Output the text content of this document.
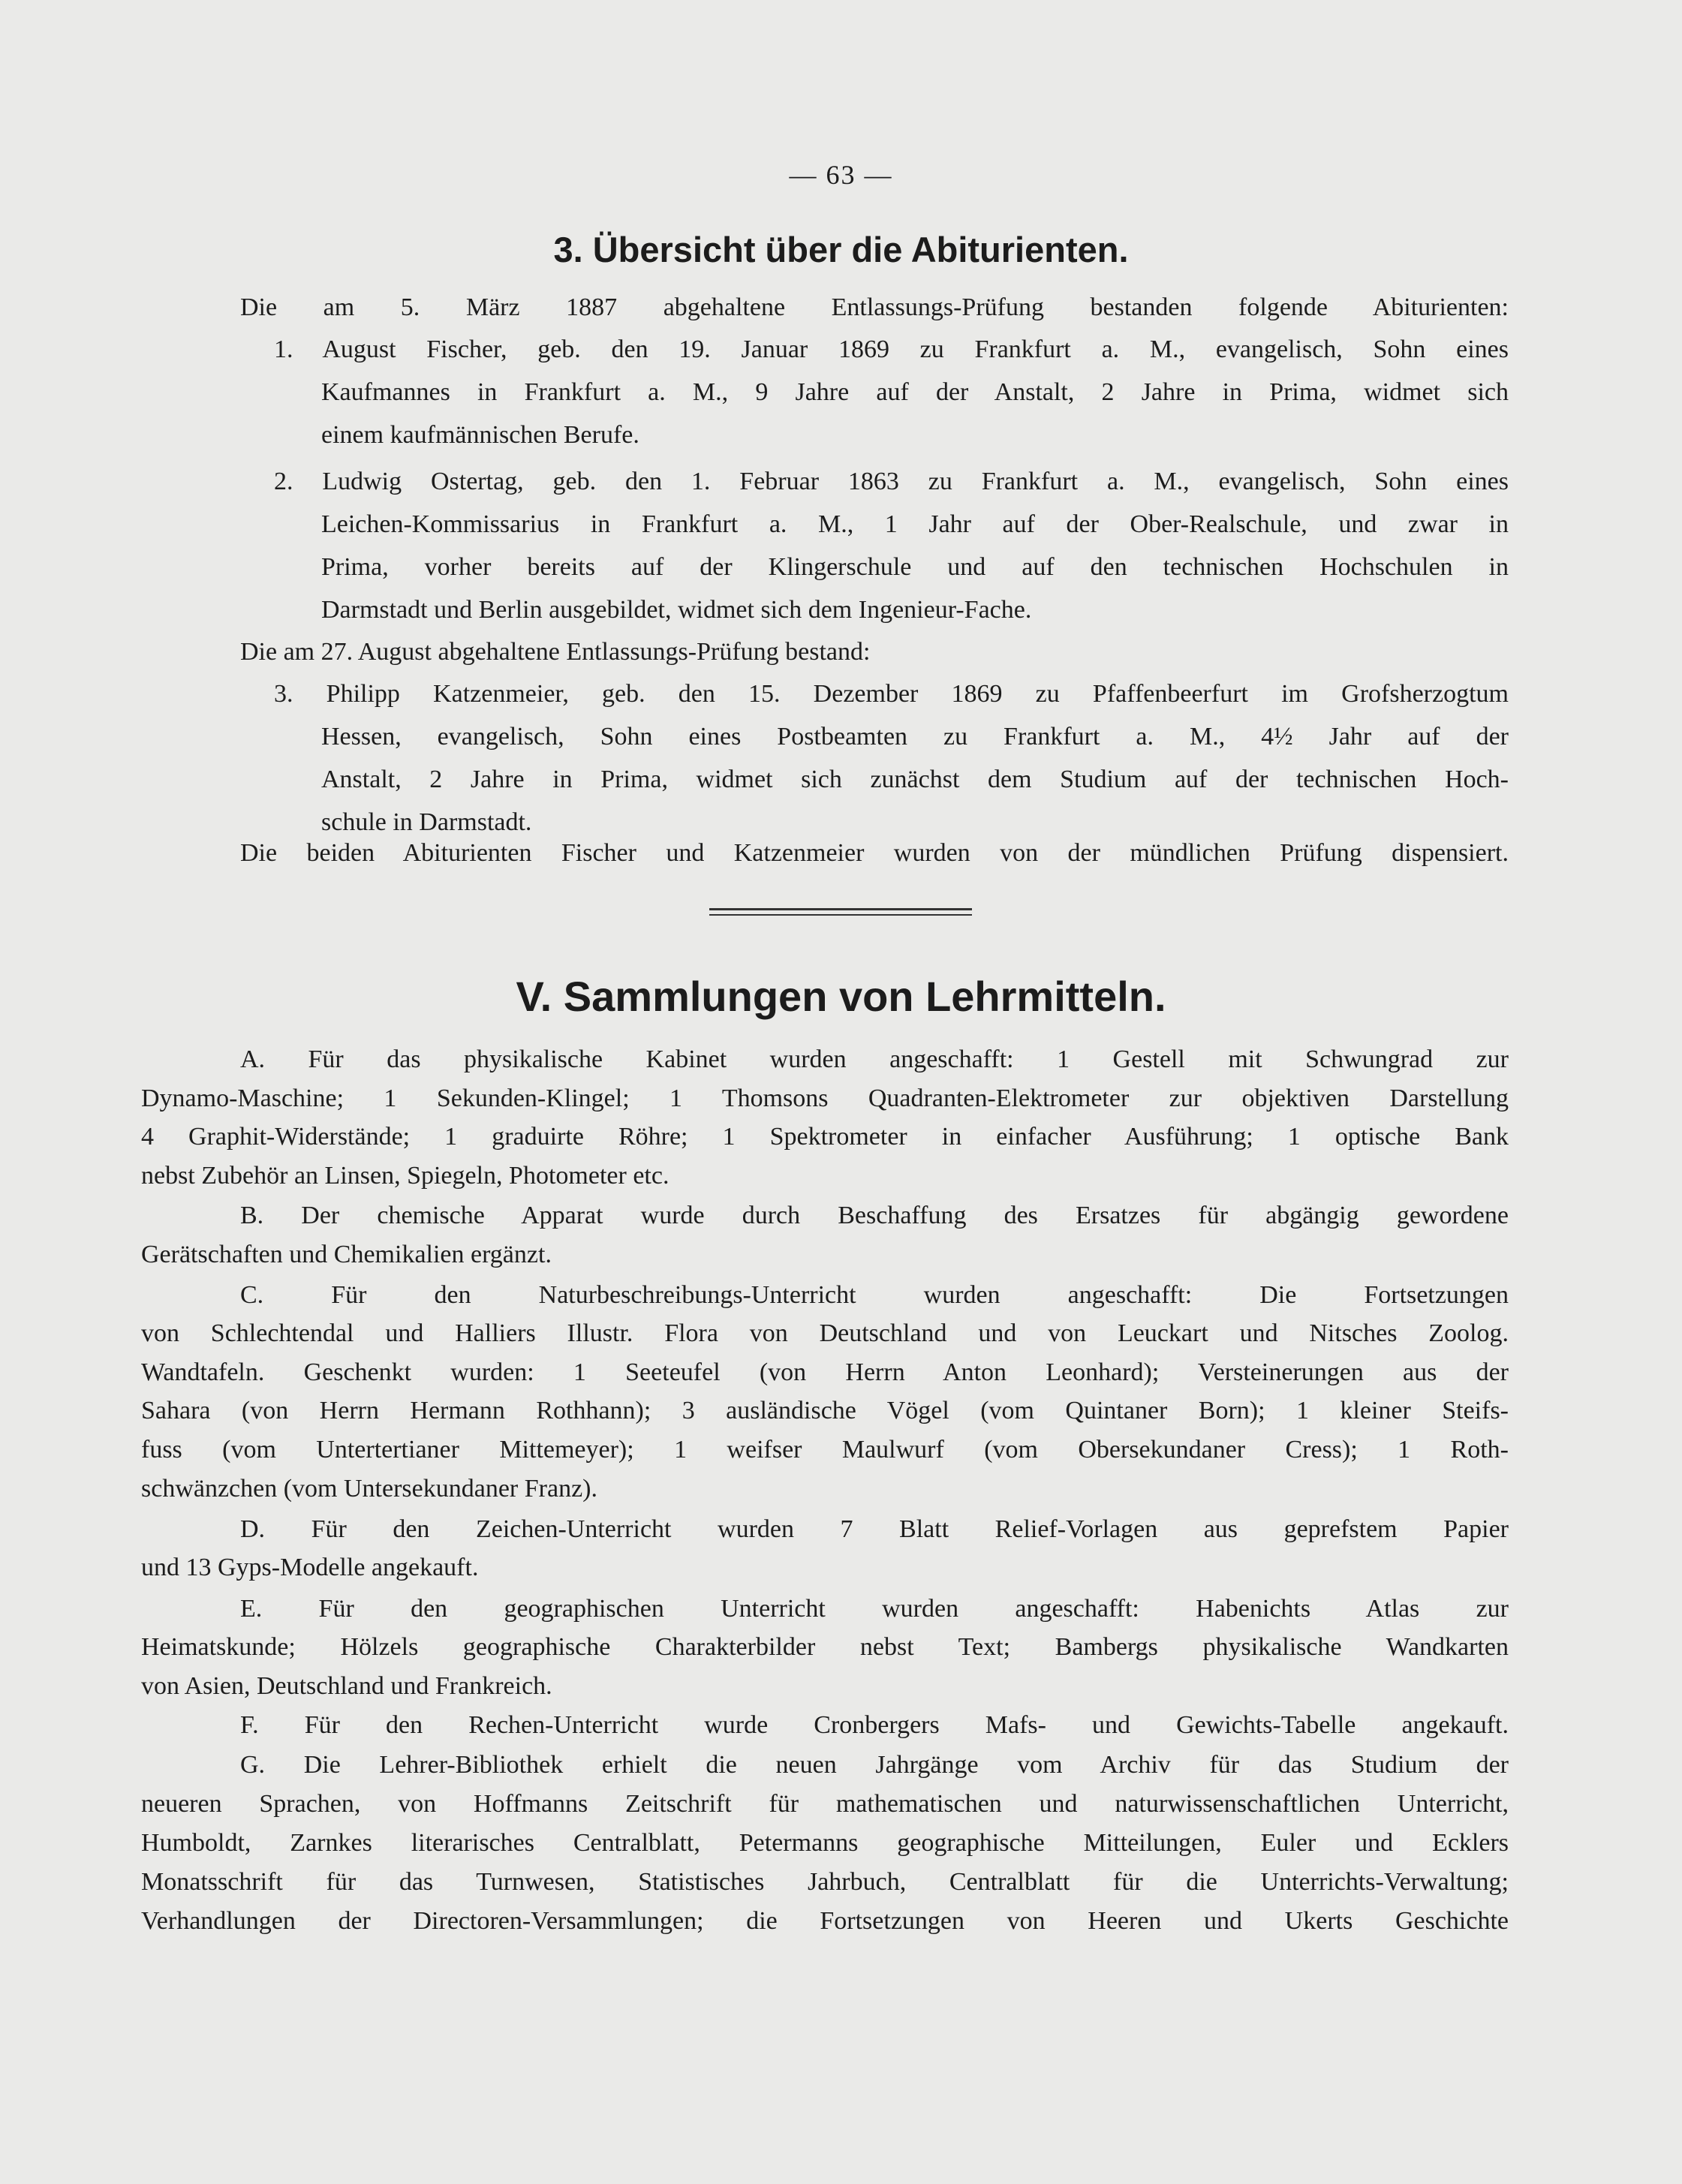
— 63 —

3. Übersicht über die Abiturienten.
Die am 5. März 1887 abgehaltene Entlassungs-Prüfung bestanden folgende Abiturienten:
1. August Fischer, geb. den 19. Januar 1869 zu Frankfurt a. M., evangelisch, Sohn eines
Kaufmannes in Frankfurt a. M., 9 Jahre auf der Anstalt, 2 Jahre in Prima, widmet sich
einem kaufmännischen Berufe.
2. Ludwig Ostertag, geb. den 1. Februar 1863 zu Frankfurt a. M., evangelisch, Sohn eines
Leichen-Kommissarius in Frankfurt a. M., 1 Jahr auf der Ober-Realschule, und zwar in
Prima, vorher bereits auf der Klingerschule und auf den technischen Hochschulen in
Darmstadt und Berlin ausgebildet, widmet sich dem Ingenieur-Fache.
Die am 27. August abgehaltene Entlassungs-Prüfung bestand:
3. Philipp Katzenmeier, geb. den 15. Dezember 1869 zu Pfaffenbeerfurt im Grofsherzogtum
Hessen, evangelisch, Sohn eines Postbeamten zu Frankfurt a. M., 4½ Jahr auf der
Anstalt, 2 Jahre in Prima, widmet sich zunächst dem Studium auf der technischen Hoch-
schule in Darmstadt.
Die beiden Abiturienten Fischer und Katzenmeier wurden von der mündlichen Prüfung dispensiert.
V. Sammlungen von Lehrmitteln.
A. Für das physikalische Kabinet wurden angeschafft: 1 Gestell mit Schwungrad zur
Dynamo-Maschine; 1 Sekunden-Klingel; 1 Thomsons Quadranten-Elektrometer zur objektiven Darstellung
4 Graphit-Widerstände; 1 graduirte Röhre; 1 Spektrometer in einfacher Ausführung; 1 optische Bank
nebst Zubehör an Linsen, Spiegeln, Photometer etc.
B. Der chemische Apparat wurde durch Beschaffung des Ersatzes für abgängig gewordene
Gerätschaften und Chemikalien ergänzt.
C. Für den Naturbeschreibungs-Unterricht wurden angeschafft: Die Fortsetzungen
von Schlechtendal und Halliers Illustr. Flora von Deutschland und von Leuckart und Nitsches Zoolog.
Wandtafeln. Geschenkt wurden: 1 Seeteufel (von Herrn Anton Leonhard); Versteinerungen aus der
Sahara (von Herrn Hermann Rothhann); 3 ausländische Vögel (vom Quintaner Born); 1 kleiner Steifs-
fuss (vom Untertertianer Mittemeyer); 1 weifser Maulwurf (vom Obersekundaner Cress); 1 Roth-
schwänzchen (vom Untersekundaner Franz).
D. Für den Zeichen-Unterricht wurden 7 Blatt Relief-Vorlagen aus geprefstem Papier
und 13 Gyps-Modelle angekauft.
E. Für den geographischen Unterricht wurden angeschafft: Habenichts Atlas zur
Heimatskunde; Hölzels geographische Charakterbilder nebst Text; Bambergs physikalische Wandkarten
von Asien, Deutschland und Frankreich.
F. Für den Rechen-Unterricht wurde Cronbergers Mafs- und Gewichts-Tabelle angekauft.
G. Die Lehrer-Bibliothek erhielt die neuen Jahrgänge vom Archiv für das Studium der
neueren Sprachen, von Hoffmanns Zeitschrift für mathematischen und naturwissenschaftlichen Unterricht,
Humboldt, Zarnkes literarisches Centralblatt, Petermanns geographische Mitteilungen, Euler und Ecklers
Monatsschrift für das Turnwesen, Statistisches Jahrbuch, Centralblatt für die Unterrichts-Verwaltung;
Verhandlungen der Directoren-Versammlungen; die Fortsetzungen von Heeren und Ukerts Geschichte
